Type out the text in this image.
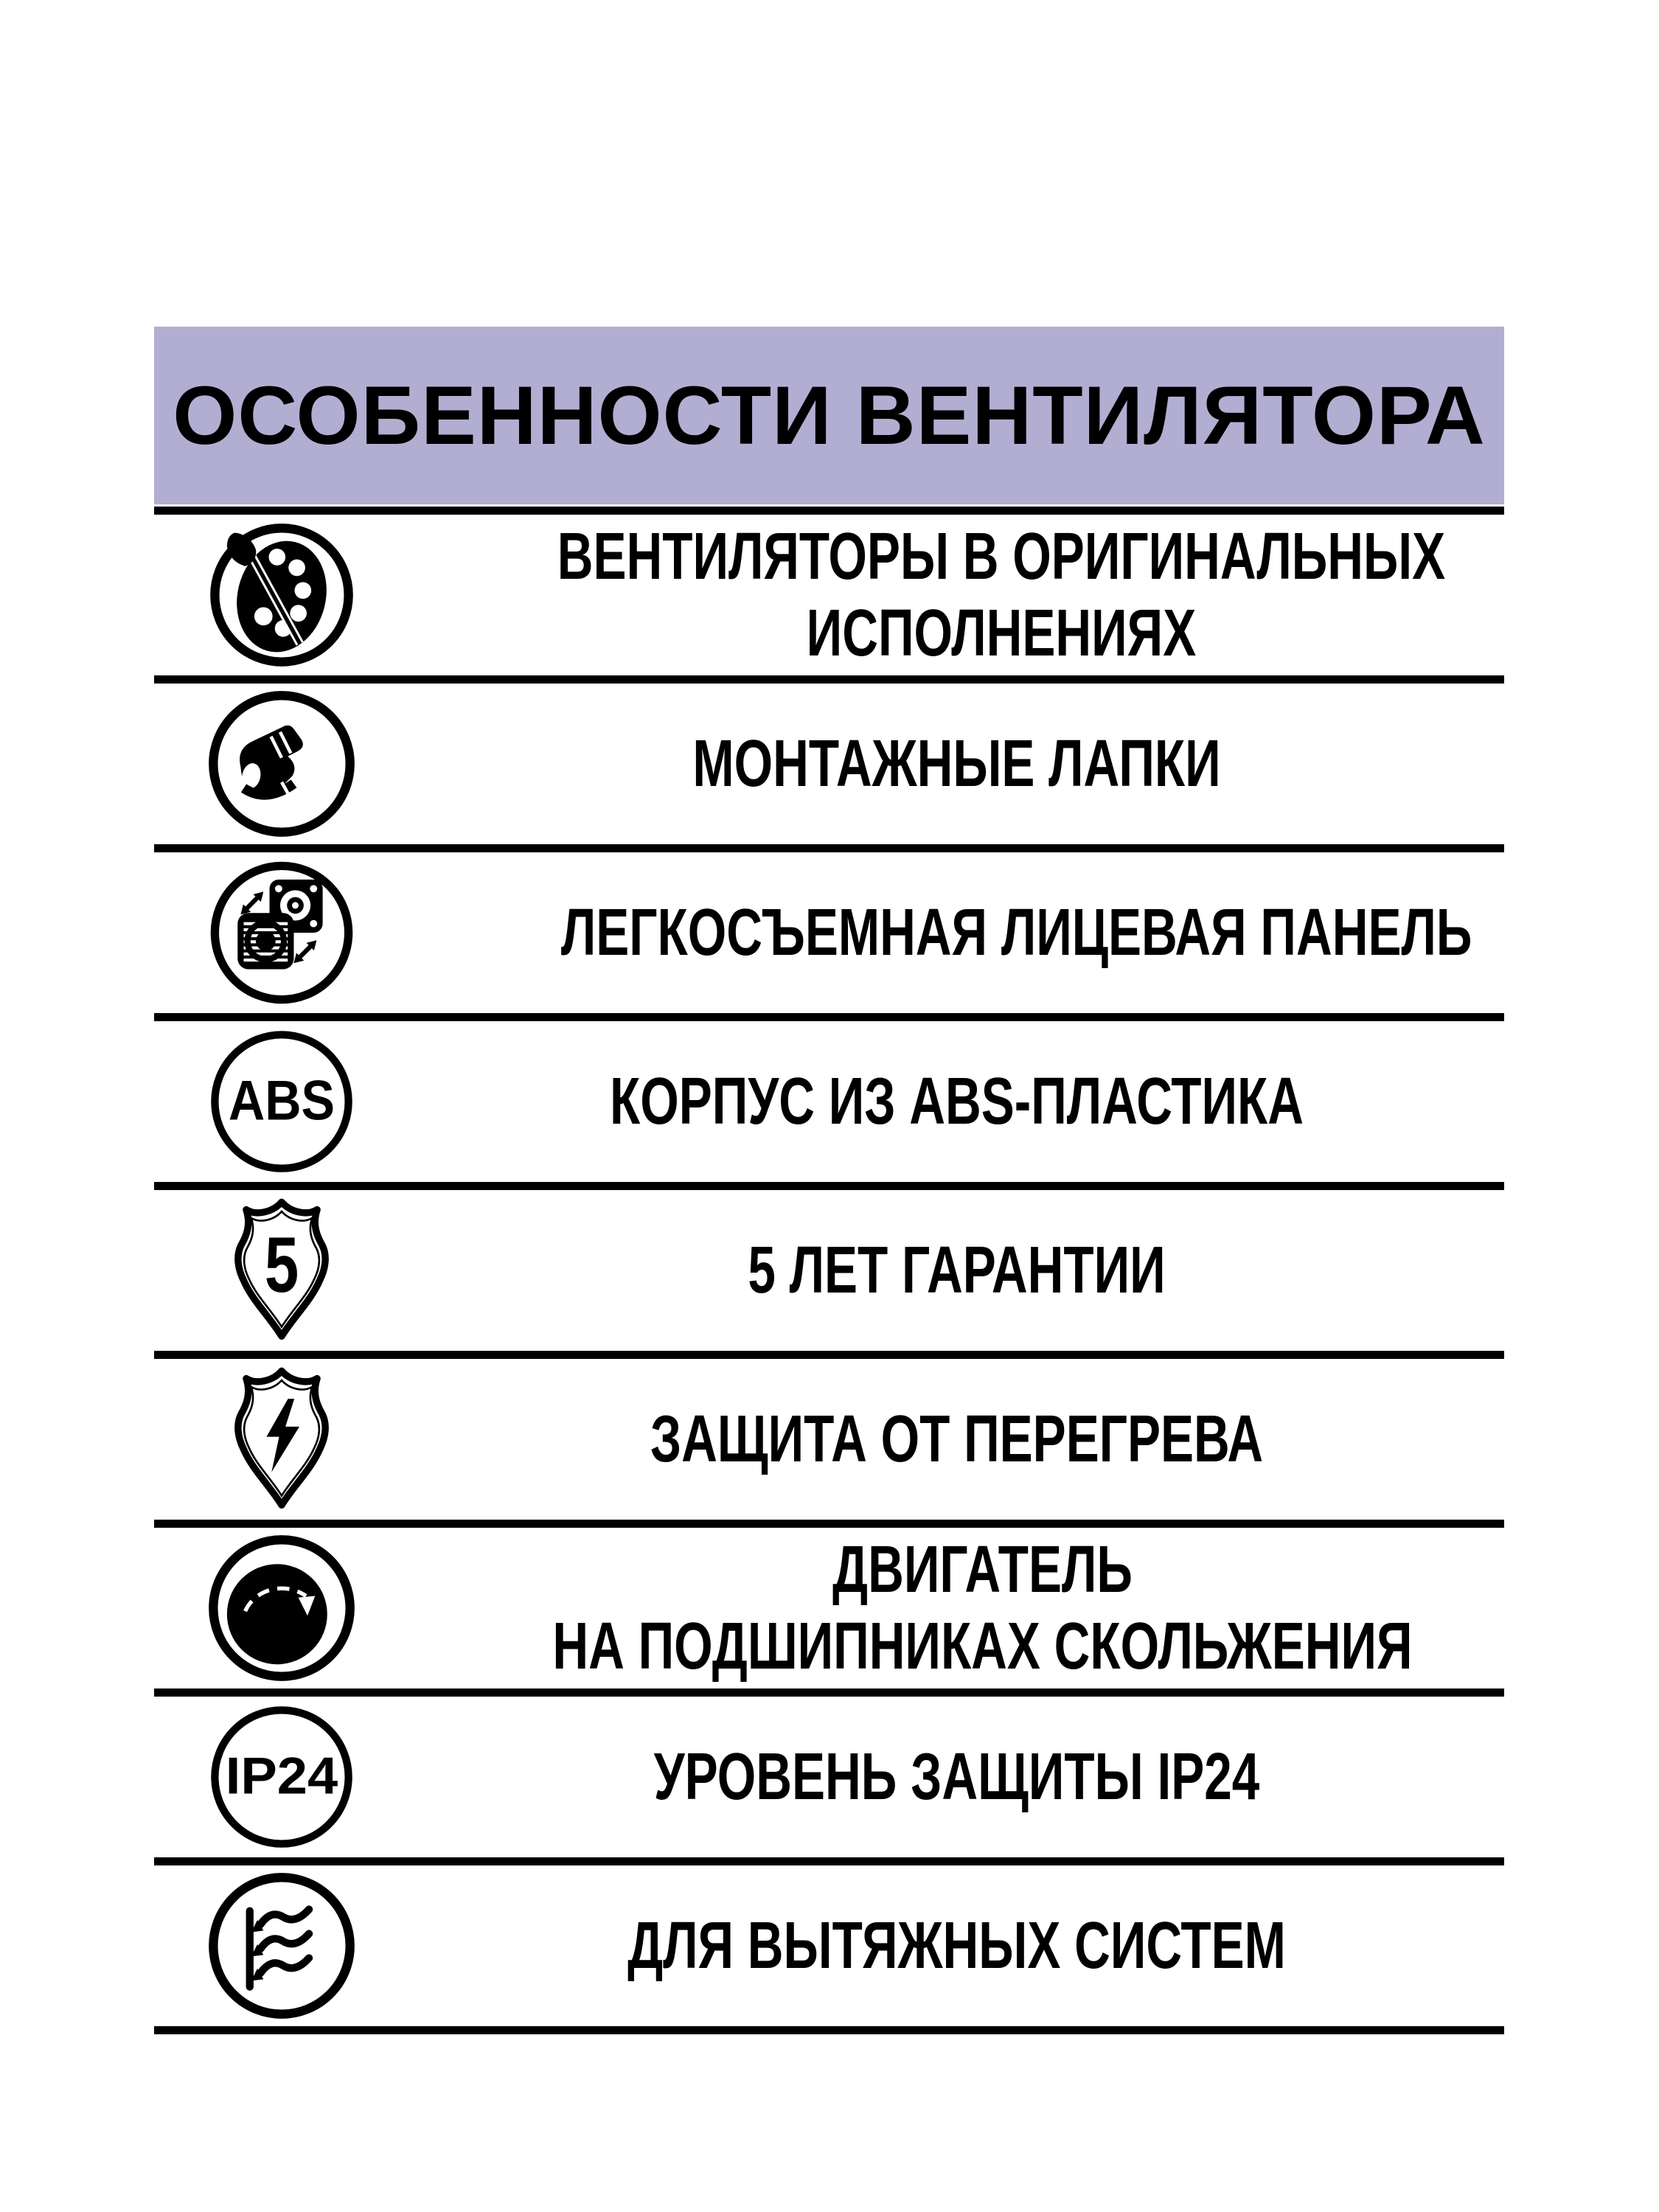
ОСОБЕННОСТИ ВЕНТИЛЯТОРА
ВЕНТИЛЯТОРЫ В ОРИГИНАЛЬНЫХ
ИСПОЛНЕНИЯХ
МОНТАЖНЫЕ ЛАПКИ
ЛЕГКОСЪЕМНАЯ ЛИЦЕВАЯ ПАНЕЛЬ
ABS	КОРПУС ИЗ ABS-ПЛАСТИКА
5	5 ЛЕТ ГАРАНТИИ
ЗАЩИТА ОТ ПЕРЕГРЕВА
ДВИГАТЕЛЬ
НА ПОДШИПНИКАХ СКОЛЬЖЕНИЯ
IP24	УРОВЕНЬ ЗАЩИТЫ IP24
ДЛЯ ВЫТЯЖНЫХ СИСТЕМ
